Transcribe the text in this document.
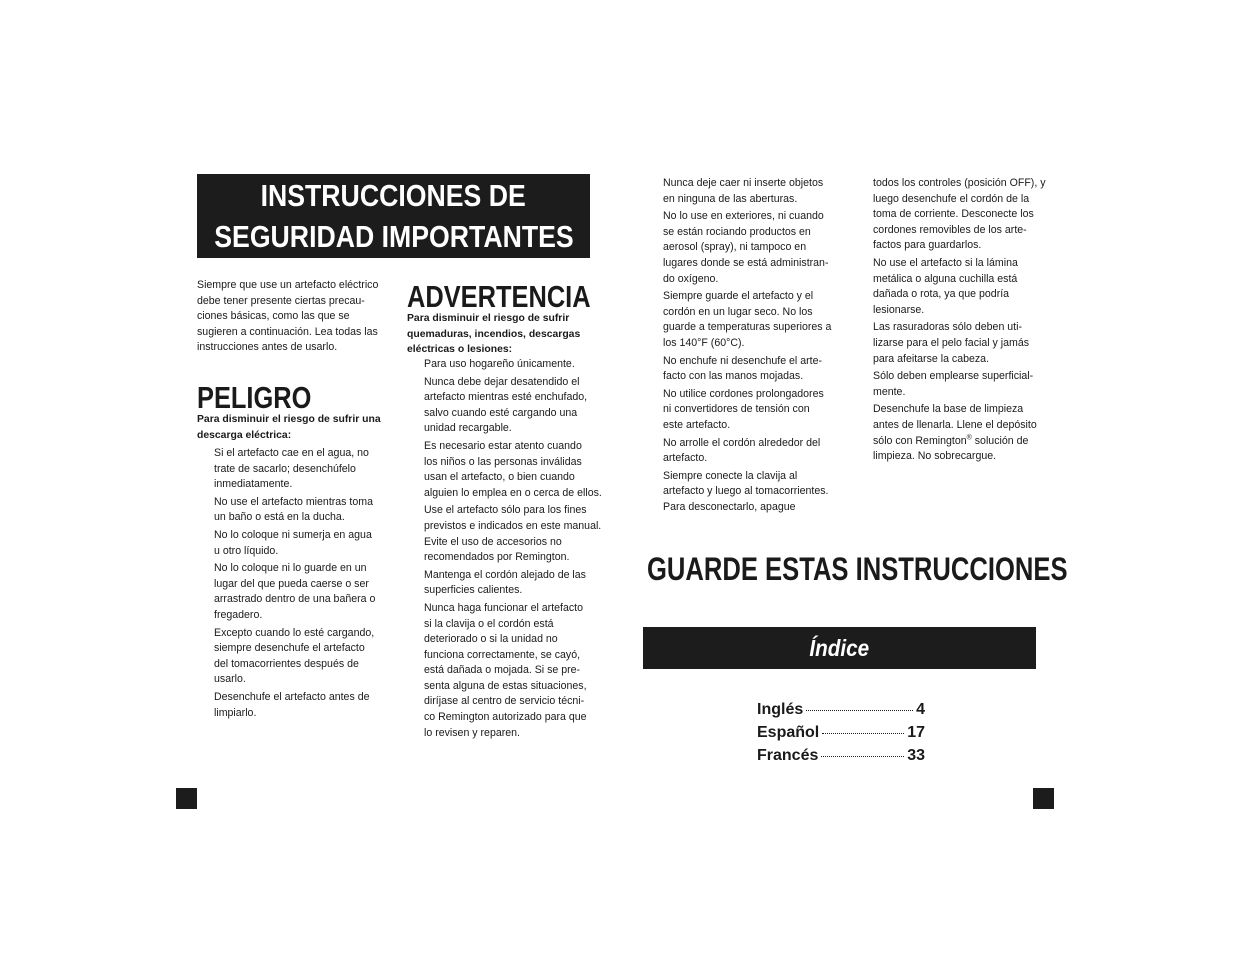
INSTRUCCIONES DE
SEGURIDAD IMPORTANTES
Siempre que use un artefacto eléctrico
debe tener presente ciertas precau-
ciones básicas, como las que se
sugieren a continuación. Lea todas las
instrucciones antes de usarlo.
PELIGRO
Para disminuir el riesgo de sufrir una
descarga eléctrica:
Si el artefacto cae en el agua, no
trate de sacarlo; desenchúfelo
inmediatamente.
No use el artefacto mientras toma
un baño o está en la ducha.
No lo coloque ni sumerja en agua
u otro líquido.
No lo coloque ni lo guarde en un
lugar del que pueda caerse o ser
arrastrado dentro de una bañera o
fregadero.
Excepto cuando lo esté cargando,
siempre desenchufe el artefacto
del tomacorrientes después de
usarlo.
Desenchufe el artefacto antes de
limpiarlo.
ADVERTENCIA
Para disminuir el riesgo de sufrir
quemaduras, incendios, descargas
eléctricas o lesiones:
Para uso hogareño únicamente.
Nunca debe dejar desatendido el
artefacto mientras esté enchufado,
salvo cuando esté cargando una
unidad recargable.
Es necesario estar atento cuando
los niños o las personas inválidas
usan el artefacto, o bien cuando
alguien lo emplea en o cerca de ellos.
Use el artefacto sólo para los fines
previstos e indicados en este manual.
Evite el uso de accesorios no
recomendados por Remington.
Mantenga el cordón alejado de las
superficies calientes.
Nunca haga funcionar el artefacto
si la clavija o el cordón está
deteriorado o si la unidad no
funciona correctamente, se cayó,
está dañada o mojada. Si se pre-
senta alguna de estas situaciones,
diríjase al centro de servicio técni-
co Remington autorizado para que
lo revisen y reparen.
Nunca deje caer ni inserte objetos
en ninguna de las aberturas.
No lo use en exteriores, ni cuando
se están rociando productos en
aerosol (spray), ni tampoco en
lugares donde se está administran-
do oxígeno.
Siempre guarde el artefacto y el
cordón en un lugar seco. No los
guarde a temperaturas superiores a
los 140°F (60°C).
No enchufe ni desenchufe el arte-
facto con las manos mojadas.
No utilice cordones prolongadores
ni convertidores de tensión con
este artefacto.
No arrolle el cordón alrededor del
artefacto.
Siempre conecte la clavija al
artefacto y luego al tomacorrientes.
Para desconectarlo, apague
todos los controles (posición OFF), y
luego desenchufe el cordón de la
toma de corriente. Desconecte los
cordones removibles de los arte-
factos para guardarlos.
No use el artefacto si la lámina
metálica o alguna cuchilla está
dañada o rota, ya que podría
lesionarse.
Las rasuradoras sólo deben uti-
lizarse para el pelo facial y jamás
para afeitarse la cabeza.
Sólo deben emplearse superficial-
mente.
Desenchufe la base de limpieza
antes de llenarla. Llene el depósito
sólo con Remington® solución de
limpieza. No sobrecargue.
GUARDE ESTAS INSTRUCCIONES
Índice
Inglés	4
Español	17
Francés	33
